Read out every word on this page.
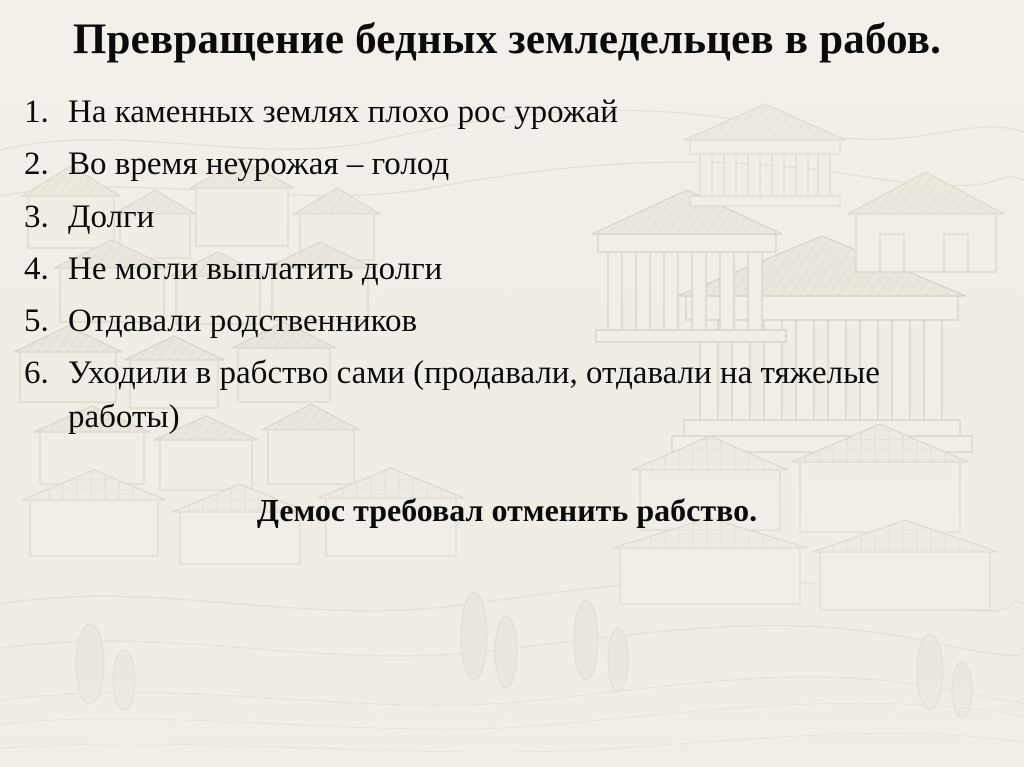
Превращение бедных земледельцев в рабов.
1. На каменных землях плохо рос урожай
2. Во время неурожая – голод
3. Долги
4. Не могли выплатить долги
5. Отдавали родственников
6. Уходили в рабство сами (продавали, отдавали на тяжелые работы)
Демос требовал отменить рабство.
